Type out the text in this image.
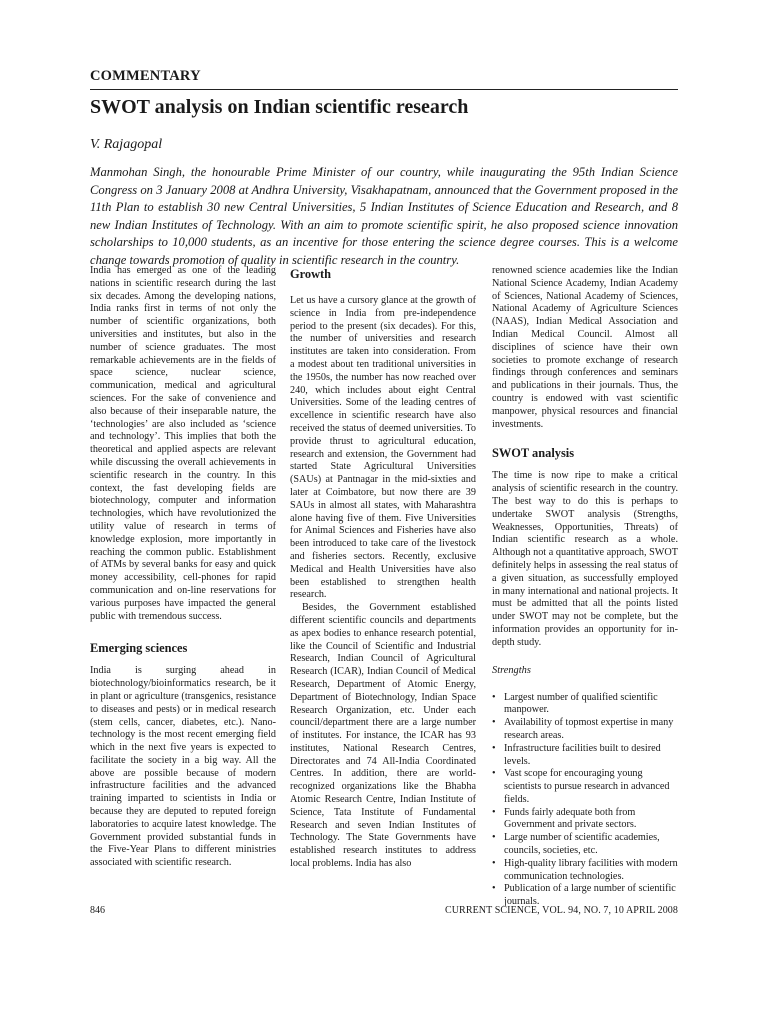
COMMENTARY
SWOT analysis on Indian scientific research
V. Rajagopal

Manmohan Singh, the honourable Prime Minister of our country, while inaugurating the 95th Indian Science Congress on 3 January 2008 at Andhra University, Visakhapatnam, announced that the Government proposed in the 11th Plan to establish 30 new Central Universities, 5 Indian Institutes of Science Education and Research, and 8 new Indian Institutes of Technology. With an aim to promote scientific spirit, he also proposed science innovation scholarships to 10,000 students, as an incentive for those entering the science degree courses. This is a welcome change towards promotion of quality in scientific research in the country.

India has emerged as one of the leading nations in scientific research during the last six decades. Among the developing nations, India ranks first in terms of not only the number of scientific organizations, both universities and institutes, but also in the number of science graduates. The most remarkable achievements are in the fields of space science, nuclear science, communication, medical and agricultural sciences. For the sake of convenience and also because of their inseparable nature, the ‘technologies’ are also included as ‘science and technology’. This implies that both the theoretical and applied aspects are relevant while discussing the overall achievements in scientific research in the country. In this context, the fast developing fields are biotechnology, computer and information technologies, which have revolutionized the utility value of research in terms of knowledge explosion, more importantly in reaching the common public. Establishment of ATMs by several banks for easy and quick money accessibility, cell-phones for rapid communication and on-line reservations for various purposes have impacted the general public with tremendous success.

Emerging sciences

India is surging ahead in biotechnology/bioinformatics research, be it in plant or agriculture (transgenics, resistance to diseases and pests) or in medical research (stem cells, cancer, diabetes, etc.). Nano-technology is the most recent emerging field which in the next five years is expected to facilitate the society in a big way. All the above are possible because of modern infrastructure facilities and the advanced training imparted to scientists in India or because they are deputed to reputed foreign laboratories to acquire latest knowledge. The Government provided substantial funds in the Five-Year Plans to different ministries associated with scientific research.

Growth

Let us have a cursory glance at the growth of science in India from pre-independence period to the present (six decades). For this, the number of universities and research institutes are taken into consideration. From a modest about ten traditional universities in the 1950s, the number has now reached over 240, which includes about eight Central Universities. Some of the leading centres of excellence in scientific research have also received the status of deemed universities. To provide thrust to agricultural education, research and extension, the Government had started State Agricultural Universities (SAUs) at Pantnagar in the mid-sixties and later at Coimbatore, but now there are 39 SAUs in almost all states, with Maharashtra alone having five of them. Five Universities for Animal Sciences and Fisheries have also been introduced to take care of the livestock and fisheries sectors. Recently, exclusive Medical and Health Universities have also been established to strengthen health research.

Besides, the Government established different scientific councils and departments as apex bodies to enhance research potential, like the Council of Scientific and Industrial Research, Indian Council of Agricultural Research (ICAR), Indian Council of Medical Research, Department of Atomic Energy, Department of Biotechnology, Indian Space Research Organization, etc. Under each council/department there are a large number of institutes. For instance, the ICAR has 93 institutes, National Research Centres, Directorates and 74 All-India Coordinated Centres. In addition, there are world-recognized organizations like the Bhabha Atomic Research Centre, Indian Institute of Science, Tata Institute of Fundamental Research and seven Indian Institutes of Technology. The State Governments have established research institutes to address local problems. India has also

renowned science academies like the Indian National Science Academy, Indian Academy of Sciences, National Academy of Sciences, National Academy of Agriculture Sciences (NAAS), Indian Medical Association and Indian Medical Council. Almost all disciplines of science have their own societies to promote exchange of research findings through conferences and seminars and publications in their journals. Thus, the country is endowed with vast scientific manpower, physical resources and financial investments.

SWOT analysis

The time is now ripe to make a critical analysis of scientific research in the country. The best way to do this is perhaps to undertake SWOT analysis (Strengths, Weaknesses, Opportunities, Threats) of Indian scientific research as a whole. Although not a quantitative approach, SWOT definitely helps in assessing the real status of a given situation, as successfully employed in many international and national projects. It must be admitted that all the points listed under SWOT may not be complete, but the information provides an opportunity for in-depth study.

Strengths
• Largest number of qualified scientific manpower.
• Availability of topmost expertise in many research areas.
• Infrastructure facilities built to desired levels.
• Vast scope for encouraging young scientists to pursue research in advanced fields.
• Funds fairly adequate both from Government and private sectors.
• Large number of scientific academies, councils, societies, etc.
• High-quality library facilities with modern communication technologies.
• Publication of a large number of scientific journals.
846	CURRENT SCIENCE, VOL. 94, NO. 7, 10 APRIL 2008
